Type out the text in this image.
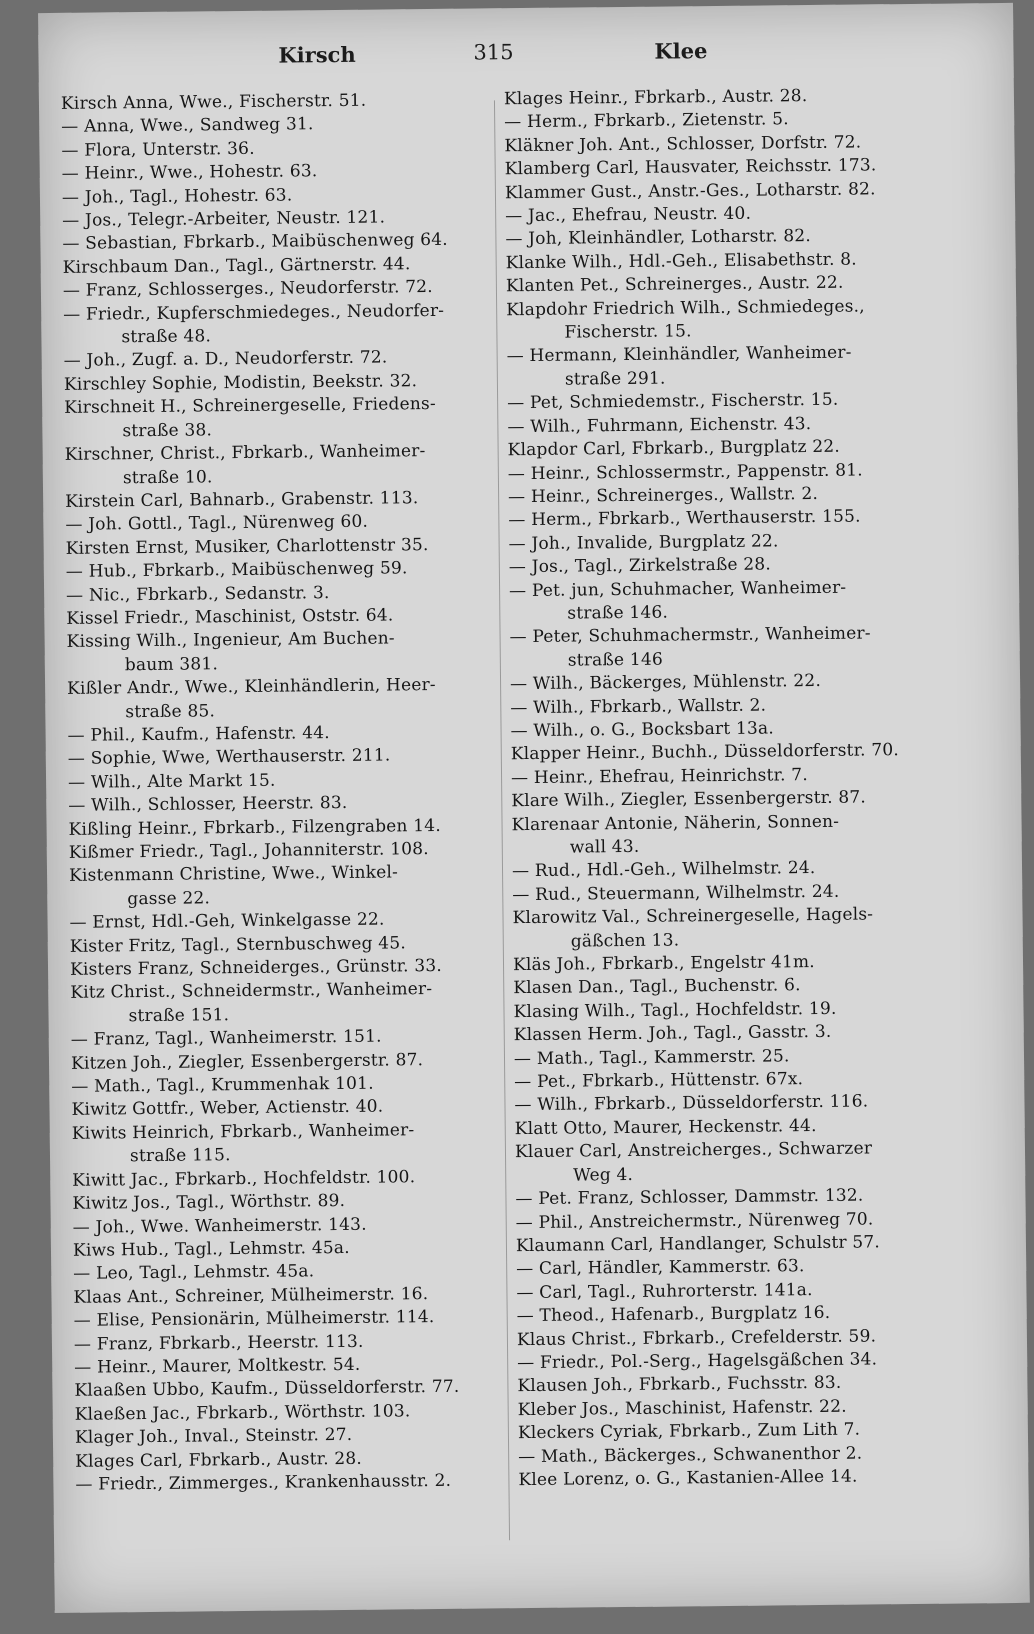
Kirsch	315	Klee
Kirsch Anna, Wwe., Fischerstr. 51.
— Anna, Wwe., Sandweg 31.
— Flora, Unterstr. 36.
— Heinr., Wwe., Hohestr. 63.
— Joh., Tagl., Hohestr. 63.
— Jos., Telegr.-Arbeiter, Neustr. 121.
— Sebastian, Fbrkarb., Maibüschenweg 64.
Kirschbaum Dan., Tagl., Gärtnerstr. 44.
— Franz, Schlosserges., Neudorferstr. 72.
— Friedr., Kupferschmiedeges., Neudorfer-
straße 48.
— Joh., Zugf. a. D., Neudorferstr. 72.
Kirschley Sophie, Modistin, Beekstr. 32.
Kirschneit H., Schreinergeselle, Friedens-
straße 38.
Kirschner, Christ., Fbrkarb., Wanheimer-
straße 10.
Kirstein Carl, Bahnarb., Grabenstr. 113.
— Joh. Gottl., Tagl., Nürenweg 60.
Kirsten Ernst, Musiker, Charlottenstr 35.
— Hub., Fbrkarb., Maibüschenweg 59.
— Nic., Fbrkarb., Sedanstr. 3.
Kissel Friedr., Maschinist, Oststr. 64.
Kissing Wilh., Ingenieur, Am Buchen-
baum 381.
Kißler Andr., Wwe., Kleinhändlerin, Heer-
straße 85.
— Phil., Kaufm., Hafenstr. 44.
— Sophie, Wwe, Werthauserstr. 211.
— Wilh., Alte Markt 15.
— Wilh., Schlosser, Heerstr. 83.
Kißling Heinr., Fbrkarb., Filzengraben 14.
Kißmer Friedr., Tagl., Johanniterstr. 108.
Kistenmann Christine, Wwe., Winkel-
gasse 22.
— Ernst, Hdl.-Geh, Winkelgasse 22.
Kister Fritz, Tagl., Sternbuschweg 45.
Kisters Franz, Schneiderges., Grünstr. 33.
Kitz Christ., Schneidermstr., Wanheimer-
straße 151.
— Franz, Tagl., Wanheimerstr. 151.
Kitzen Joh., Ziegler, Essenbergerstr. 87.
— Math., Tagl., Krummenhak 101.
Kiwitz Gottfr., Weber, Actienstr. 40.
Kiwits Heinrich, Fbrkarb., Wanheimer-
straße 115.
Kiwitt Jac., Fbrkarb., Hochfeldstr. 100.
Kiwitz Jos., Tagl., Wörthstr. 89.
— Joh., Wwe. Wanheimerstr. 143.
Kiws Hub., Tagl., Lehmstr. 45a.
— Leo, Tagl., Lehmstr. 45a.
Klaas Ant., Schreiner, Mülheimerstr. 16.
— Elise, Pensionärin, Mülheimerstr. 114.
— Franz, Fbrkarb., Heerstr. 113.
— Heinr., Maurer, Moltkestr. 54.
Klaaßen Ubbo, Kaufm., Düsseldorferstr. 77.
Klaeßen Jac., Fbrkarb., Wörthstr. 103.
Klager Joh., Inval., Steinstr. 27.
Klages Carl, Fbrkarb., Austr. 28.
— Friedr., Zimmerges., Krankenhausstr. 2.
Klages Heinr., Fbrkarb., Austr. 28.
— Herm., Fbrkarb., Zietenstr. 5.
Kläkner Joh. Ant., Schlosser, Dorfstr. 72.
Klamberg Carl, Hausvater, Reichsstr. 173.
Klammer Gust., Anstr.-Ges., Lotharstr. 82.
— Jac., Ehefrau, Neustr. 40.
— Joh, Kleinhändler, Lotharstr. 82.
Klanke Wilh., Hdl.-Geh., Elisabethstr. 8.
Klanten Pet., Schreinerges., Austr. 22.
Klapdohr Friedrich Wilh., Schmiedeges.,
Fischerstr. 15.
— Hermann, Kleinhändler, Wanheimer-
straße 291.
— Pet, Schmiedemstr., Fischerstr. 15.
— Wilh., Fuhrmann, Eichenstr. 43.
Klapdor Carl, Fbrkarb., Burgplatz 22.
— Heinr., Schlossermstr., Pappenstr. 81.
— Heinr., Schreinerges., Wallstr. 2.
— Herm., Fbrkarb., Werthauserstr. 155.
— Joh., Invalide, Burgplatz 22.
— Jos., Tagl., Zirkelstraße 28.
— Pet. jun, Schuhmacher, Wanheimer-
straße 146.
— Peter, Schuhmachermstr., Wanheimer-
straße 146
— Wilh., Bäckerges, Mühlenstr. 22.
— Wilh., Fbrkarb., Wallstr. 2.
— Wilh., o. G., Bocksbart 13a.
Klapper Heinr., Buchh., Düsseldorferstr. 70.
— Heinr., Ehefrau, Heinrichstr. 7.
Klare Wilh., Ziegler, Essenbergerstr. 87.
Klarenaar Antonie, Näherin, Sonnen-
wall 43.
— Rud., Hdl.-Geh., Wilhelmstr. 24.
— Rud., Steuermann, Wilhelmstr. 24.
Klarowitz Val., Schreinergeselle, Hagels-
gäßchen 13.
Kläs Joh., Fbrkarb., Engelstr 41m.
Klasen Dan., Tagl., Buchenstr. 6.
Klasing Wilh., Tagl., Hochfeldstr. 19.
Klassen Herm. Joh., Tagl., Gasstr. 3.
— Math., Tagl., Kammerstr. 25.
— Pet., Fbrkarb., Hüttenstr. 67x.
— Wilh., Fbrkarb., Düsseldorferstr. 116.
Klatt Otto, Maurer, Heckenstr. 44.
Klauer Carl, Anstreicherges., Schwarzer
Weg 4.
— Pet. Franz, Schlosser, Dammstr. 132.
— Phil., Anstreichermstr., Nürenweg 70.
Klaumann Carl, Handlanger, Schulstr 57.
— Carl, Händler, Kammerstr. 63.
— Carl, Tagl., Ruhrorterstr. 141a.
— Theod., Hafenarb., Burgplatz 16.
Klaus Christ., Fbrkarb., Crefelderstr. 59.
— Friedr., Pol.-Serg., Hagelsgäßchen 34.
Klausen Joh., Fbrkarb., Fuchsstr. 83.
Kleber Jos., Maschinist, Hafenstr. 22.
Kleckers Cyriak, Fbrkarb., Zum Lith 7.
— Math., Bäckerges., Schwanenthor 2.
Klee Lorenz, o. G., Kastanien-Allee 14.
